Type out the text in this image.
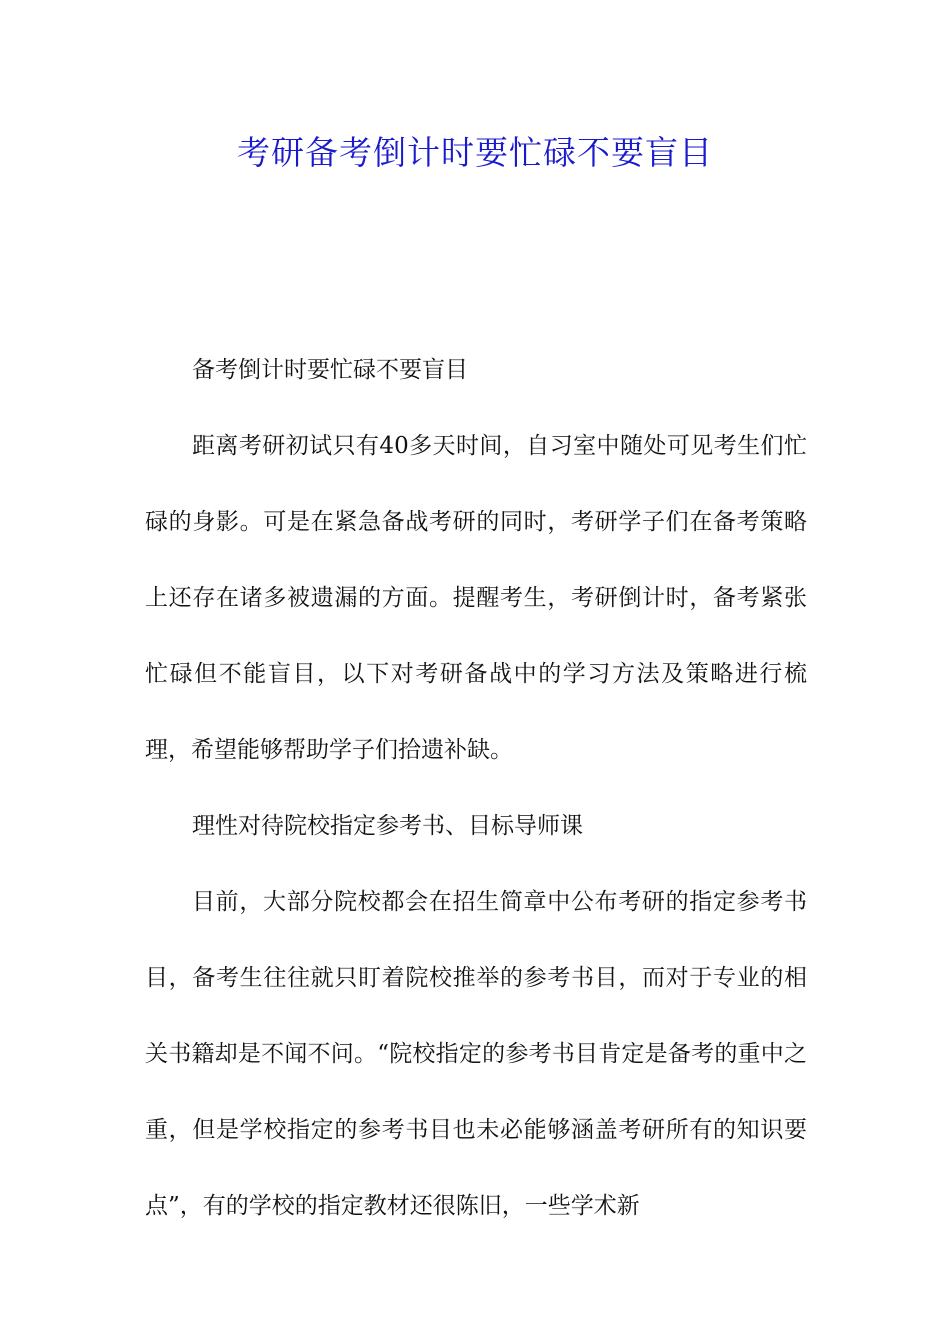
考研备考倒计时要忙碌不要盲目

备考倒计时要忙碌不要盲目

距离考研初试只有40多天时间，自习室中随处可见考生们忙碌的身影。可是在紧急备战考研的同时，考研学子们在备考策略上还存在诸多被遗漏的方面。提醒考生，考研倒计时，备考紧张忙碌但不能盲目，以下对考研备战中的学习方法及策略进行梳理，希望能够帮助学子们拾遗补缺。

理性对待院校指定参考书、目标导师课

目前，大部分院校都会在招生简章中公布考研的指定参考书目，备考生往往就只盯着院校推举的参考书目，而对于专业的相关书籍却是不闻不问。“院校指定的参考书目肯定是备考的重中之重，但是学校指定的参考书目也未必能够涵盖考研所有的知识要点”，有的学校的指定教材还很陈旧，一些学术新
